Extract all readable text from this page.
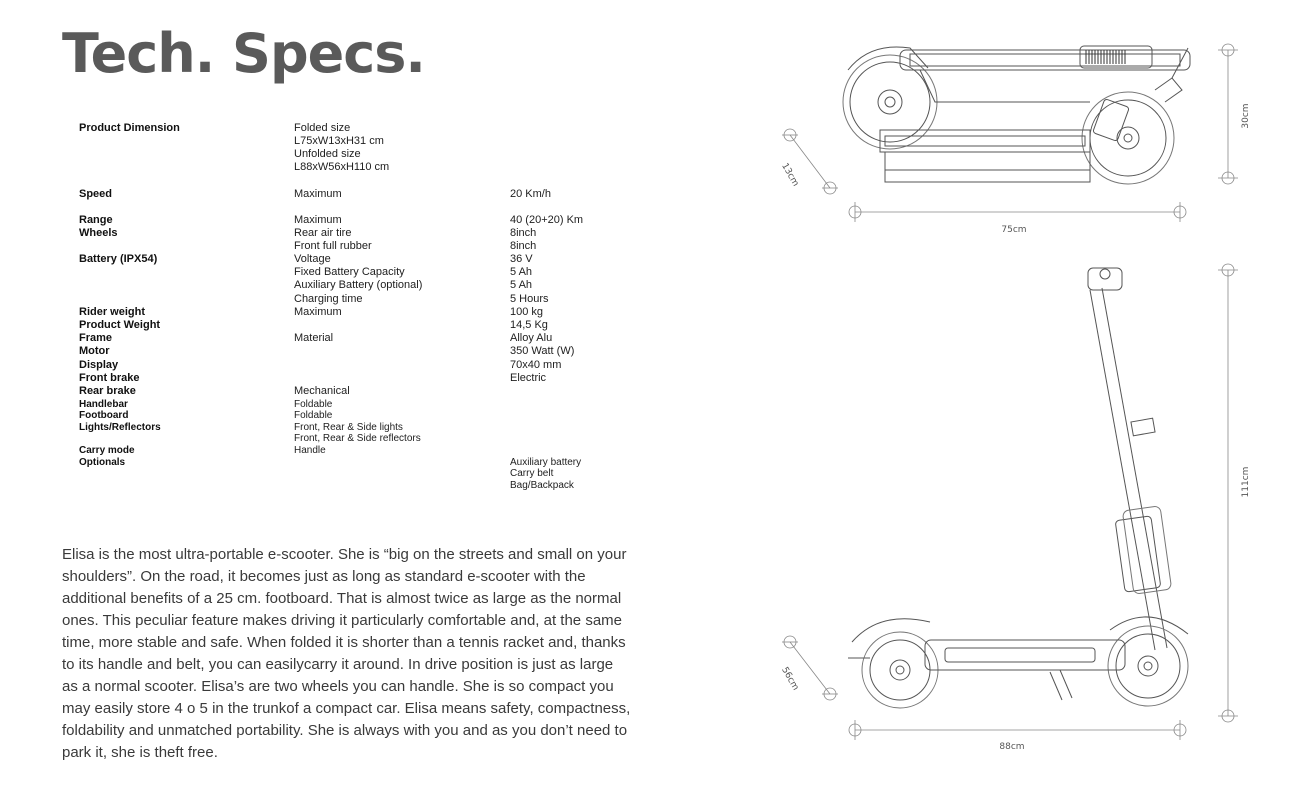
Tech. Specs.
Product Dimension
Speed
Range
Wheels
Battery (IPX54)
Rider weight
Product Weight
Frame
Motor
Display
Front brake
Rear brake
Handlebar
Footboard
Lights/Reflectors
Carry mode
Optionals
Folded size
L75xW13xH31 cm
Unfolded size
L88xW56xH110 cm
Maximum
Maximum
Rear air tire
Front full rubber
Voltage
Fixed Battery Capacity
Auxiliary Battery (optional)
Charging time
Maximum
Material
Mechanical
Foldable
Foldable
Front, Rear & Side lights
Front, Rear & Side reflectors
Handle
20 Km/h
40 (20+20) Km
8inch
8inch
36 V
5 Ah
5 Ah
5 Hours
100 kg
14,5 Kg
Alloy Alu
350 Watt (W)
70x40 mm
Electric
Auxiliary battery
Carry belt
Bag/Backpack

Elisa is the most ultra-portable e-scooter. She is “big on the streets and small on your shoulders”. On the road, it becomes just as long as standard e-scooter with the additional benefits of a 25 cm. footboard. That is almost twice as large as the normal ones. This peculiar feature makes driving it particularly comfortable and, at the same time, more stable and safe. When folded it is shorter than a tennis racket and, thanks to its handle and belt, you can easilycarry it around. In drive position is just as large as a normal scooter. Elisa’s are two wheels you can handle. She is so compact you may easily store 4 o 5 in the trunkof a compact car. Elisa means safety, compactness, foldability and unmatched portability. She is always with you and as you don’t need to park it, she is theft free.

75cm
30cm
13cm
88cm
111cm
56cm
